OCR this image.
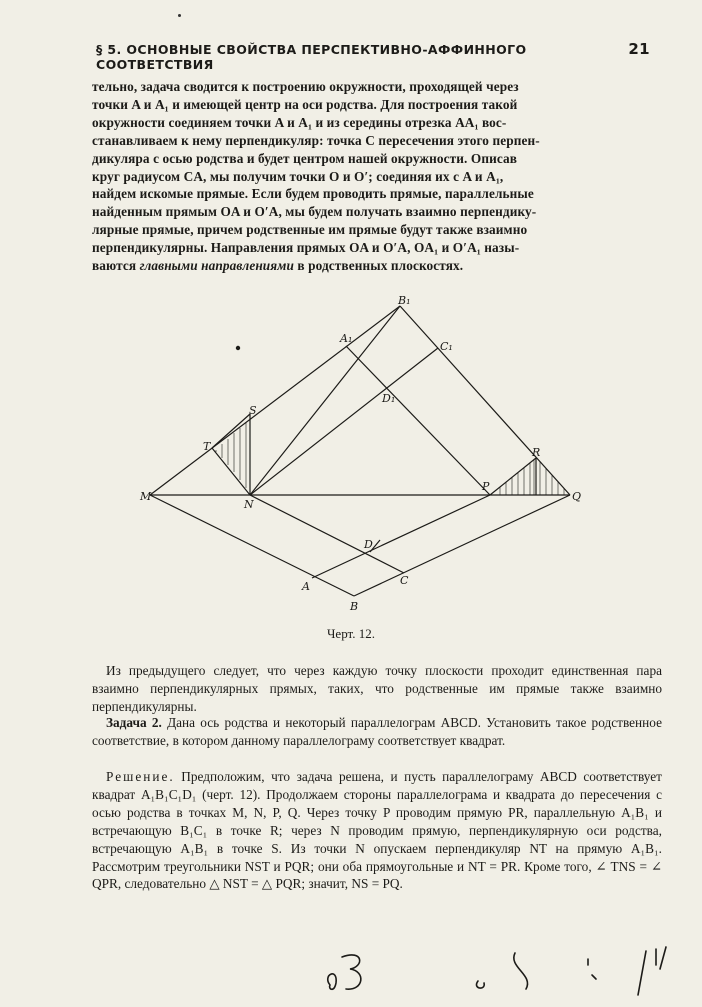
§ 5. ОСНОВНЫЕ СВОЙСТВА ПЕРСПЕКТИВНО-АФФИННОГО СООТВЕТСТВИЯ
21

тельно, задача сводится к построению окружности, проходящей через

точки A и A₁ и имеющей центр на оси родства. Для построения такой

окружности соединяем точки A и A₁ и из середины отрезка AA₁ вос-

станавливаем к нему перпендикуляр: точка C пересечения этого перпен-

дикуляра с осью родства и будет центром нашей окружности. Описав

круг радиусом CA, мы получим точки O и O′; соединяя их с A и A₁,

найдем искомые прямые. Если будем проводить прямые, параллельные

найденным прямым OA и O′A, мы будем получать взаимно перпендику-

лярные прямые, причем родственные им прямые будут также взаимно

перпендикулярны. Направления прямых OA и O′A, OA₁ и O′A₁ назы-

ваются главными направлениями в родственных плоскостях.

B₁
A₁
C₁
D₁
S
T
M
N
P
Q
R
D
A	C
B
Черт. 12.

Из предыдущего следует, что через каждую точку плоскости проходит единственная пара взаимно перпендикулярных прямых, таких, что родственные им прямые также взаимно перпендикулярны.

Задача 2. Дана ось родства и некоторый параллелограм ABCD. Установить такое родственное соответствие, в котором данному параллелограму соответствует квадрат.

Решение. Предположим, что задача решена, и пусть параллелограму ABCD соответствует квадрат A₁B₁C₁D₁ (черт. 12). Продолжаем стороны параллелограма и квадрата до пересечения с осью родства в точках M, N, P, Q. Через точку P проводим прямую PR, параллельную A₁B₁ и встречающую B₁C₁ в точке R; через N проводим прямую, перпендикулярную оси родства, встречающую A₁B₁ в точке S. Из точки N опускаем перпендикуляр NT на прямую A₁B₁. Рассмотрим треугольники NST и PQR; они оба прямоугольные и NT = PR. Кроме того, ∠ TNS = ∠ QPR, следовательно △ NST = △ PQR; значит, NS = PQ.
